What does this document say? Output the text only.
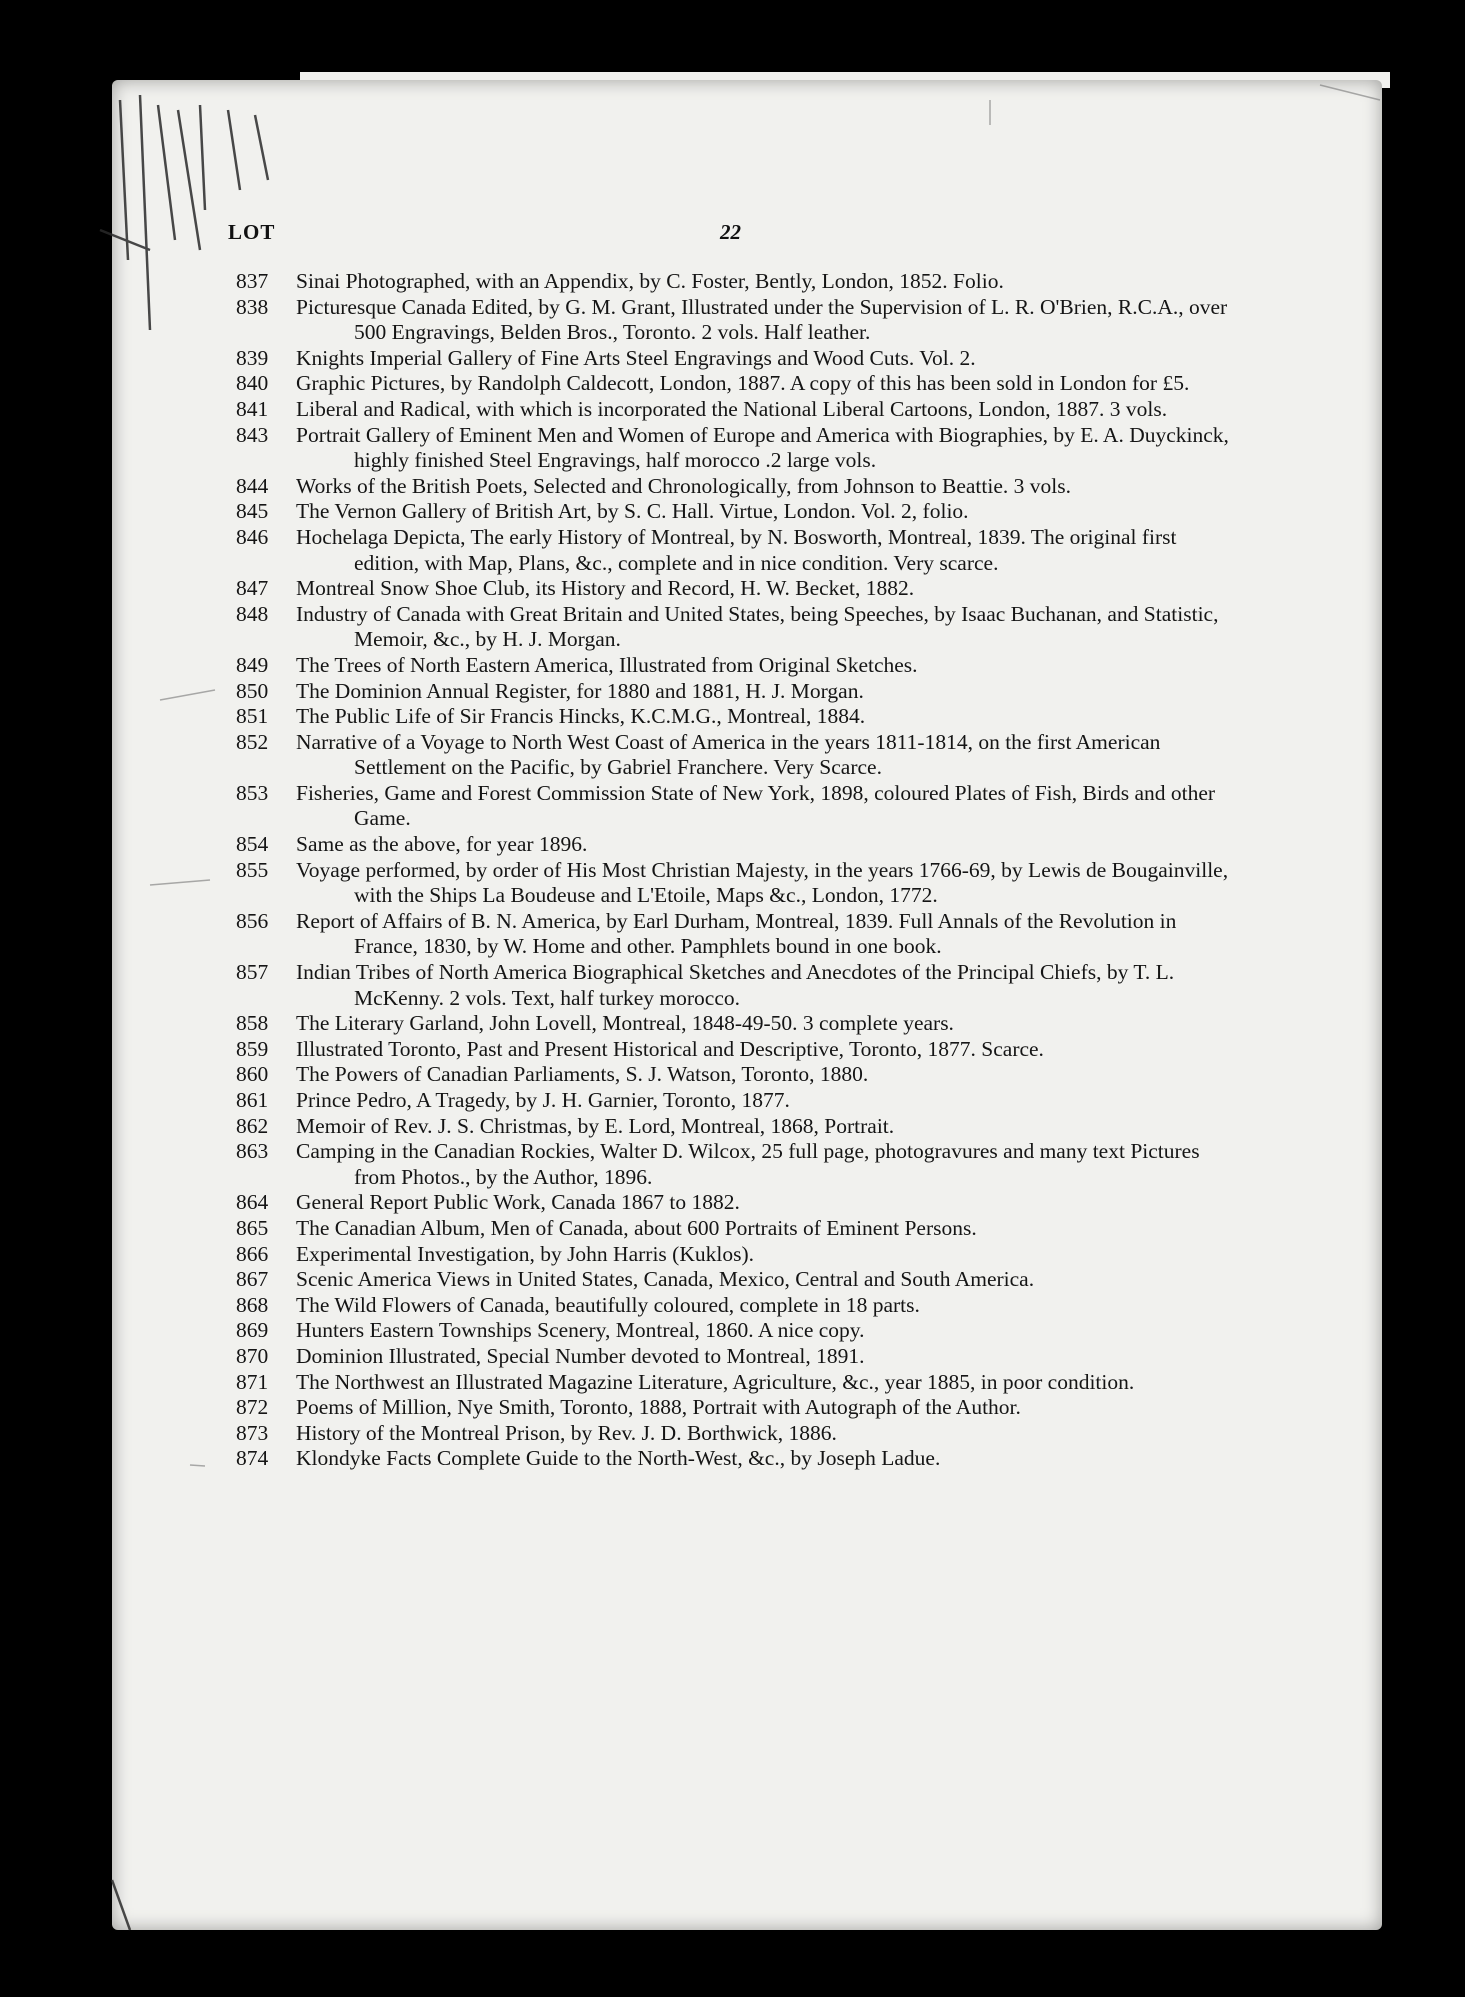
LOT	22
837	Sinai Photographed, with an Appendix, by C. Foster, Bently, London, 1852. Folio.
838	Picturesque Canada Edited, by G. M. Grant, Illustrated under the Supervision of L. R. O'Brien, R.C.A., over 500 Engravings, Belden Bros., Toronto. 2 vols. Half leather.
839	Knights Imperial Gallery of Fine Arts Steel Engravings and Wood Cuts. Vol. 2.
840	Graphic Pictures, by Randolph Caldecott, London, 1887. A copy of this has been sold in London for £5.
841	Liberal and Radical, with which is incorporated the National Liberal Cartoons, London, 1887. 3 vols.
843	Portrait Gallery of Eminent Men and Women of Europe and America with Biographies, by E. A. Duyckinck, highly finished Steel Engravings, half morocco .2 large vols.
844	Works of the British Poets, Selected and Chronologically, from Johnson to Beattie. 3 vols.
845	The Vernon Gallery of British Art, by S. C. Hall. Virtue, London. Vol. 2, folio.
846	Hochelaga Depicta, The early History of Montreal, by N. Bosworth, Montreal, 1839. The original first edition, with Map, Plans, &c., complete and in nice condition. Very scarce.
847	Montreal Snow Shoe Club, its History and Record, H. W. Becket, 1882.
848	Industry of Canada with Great Britain and United States, being Speeches, by Isaac Buchanan, and Statistic, Memoir, &c., by H. J. Morgan.
849	The Trees of North Eastern America, Illustrated from Original Sketches.
850	The Dominion Annual Register, for 1880 and 1881, H. J. Morgan.
851	The Public Life of Sir Francis Hincks, K.C.M.G., Montreal, 1884.
852	Narrative of a Voyage to North West Coast of America in the years 1811-1814, on the first American Settlement on the Pacific, by Gabriel Franchere. Very Scarce.
853	Fisheries, Game and Forest Commission State of New York, 1898, coloured Plates of Fish, Birds and other Game.
854	Same as the above, for year 1896.
855	Voyage performed, by order of His Most Christian Majesty, in the years 1766-69, by Lewis de Bougainville, with the Ships La Boudeuse and L'Etoile, Maps &c., London, 1772.
856	Report of Affairs of B. N. America, by Earl Durham, Montreal, 1839. Full Annals of the Revolution in France, 1830, by W. Home and other. Pamphlets bound in one book.
857	Indian Tribes of North America Biographical Sketches and Anecdotes of the Principal Chiefs, by T. L. McKenny. 2 vols. Text, half turkey morocco.
858	The Literary Garland, John Lovell, Montreal, 1848-49-50. 3 complete years.
859	Illustrated Toronto, Past and Present Historical and Descriptive, Toronto, 1877. Scarce.
860	The Powers of Canadian Parliaments, S. J. Watson, Toronto, 1880.
861	Prince Pedro, A Tragedy, by J. H. Garnier, Toronto, 1877.
862	Memoir of Rev. J. S. Christmas, by E. Lord, Montreal, 1868, Portrait.
863	Camping in the Canadian Rockies, Walter D. Wilcox, 25 full page, photogravures and many text Pictures from Photos., by the Author, 1896.
864	General Report Public Work, Canada 1867 to 1882.
865	The Canadian Album, Men of Canada, about 600 Portraits of Eminent Persons.
866	Experimental Investigation, by John Harris (Kuklos).
867	Scenic America Views in United States, Canada, Mexico, Central and South America.
868	The Wild Flowers of Canada, beautifully coloured, complete in 18 parts.
869	Hunters Eastern Townships Scenery, Montreal, 1860. A nice copy.
870	Dominion Illustrated, Special Number devoted to Montreal, 1891.
871	The Northwest an Illustrated Magazine Literature, Agriculture, &c., year 1885, in poor condition.
872	Poems of Million, Nye Smith, Toronto, 1888, Portrait with Autograph of the Author.
873	History of the Montreal Prison, by Rev. J. D. Borthwick, 1886.
874	Klondyke Facts Complete Guide to the North-West, &c., by Joseph Ladue.
